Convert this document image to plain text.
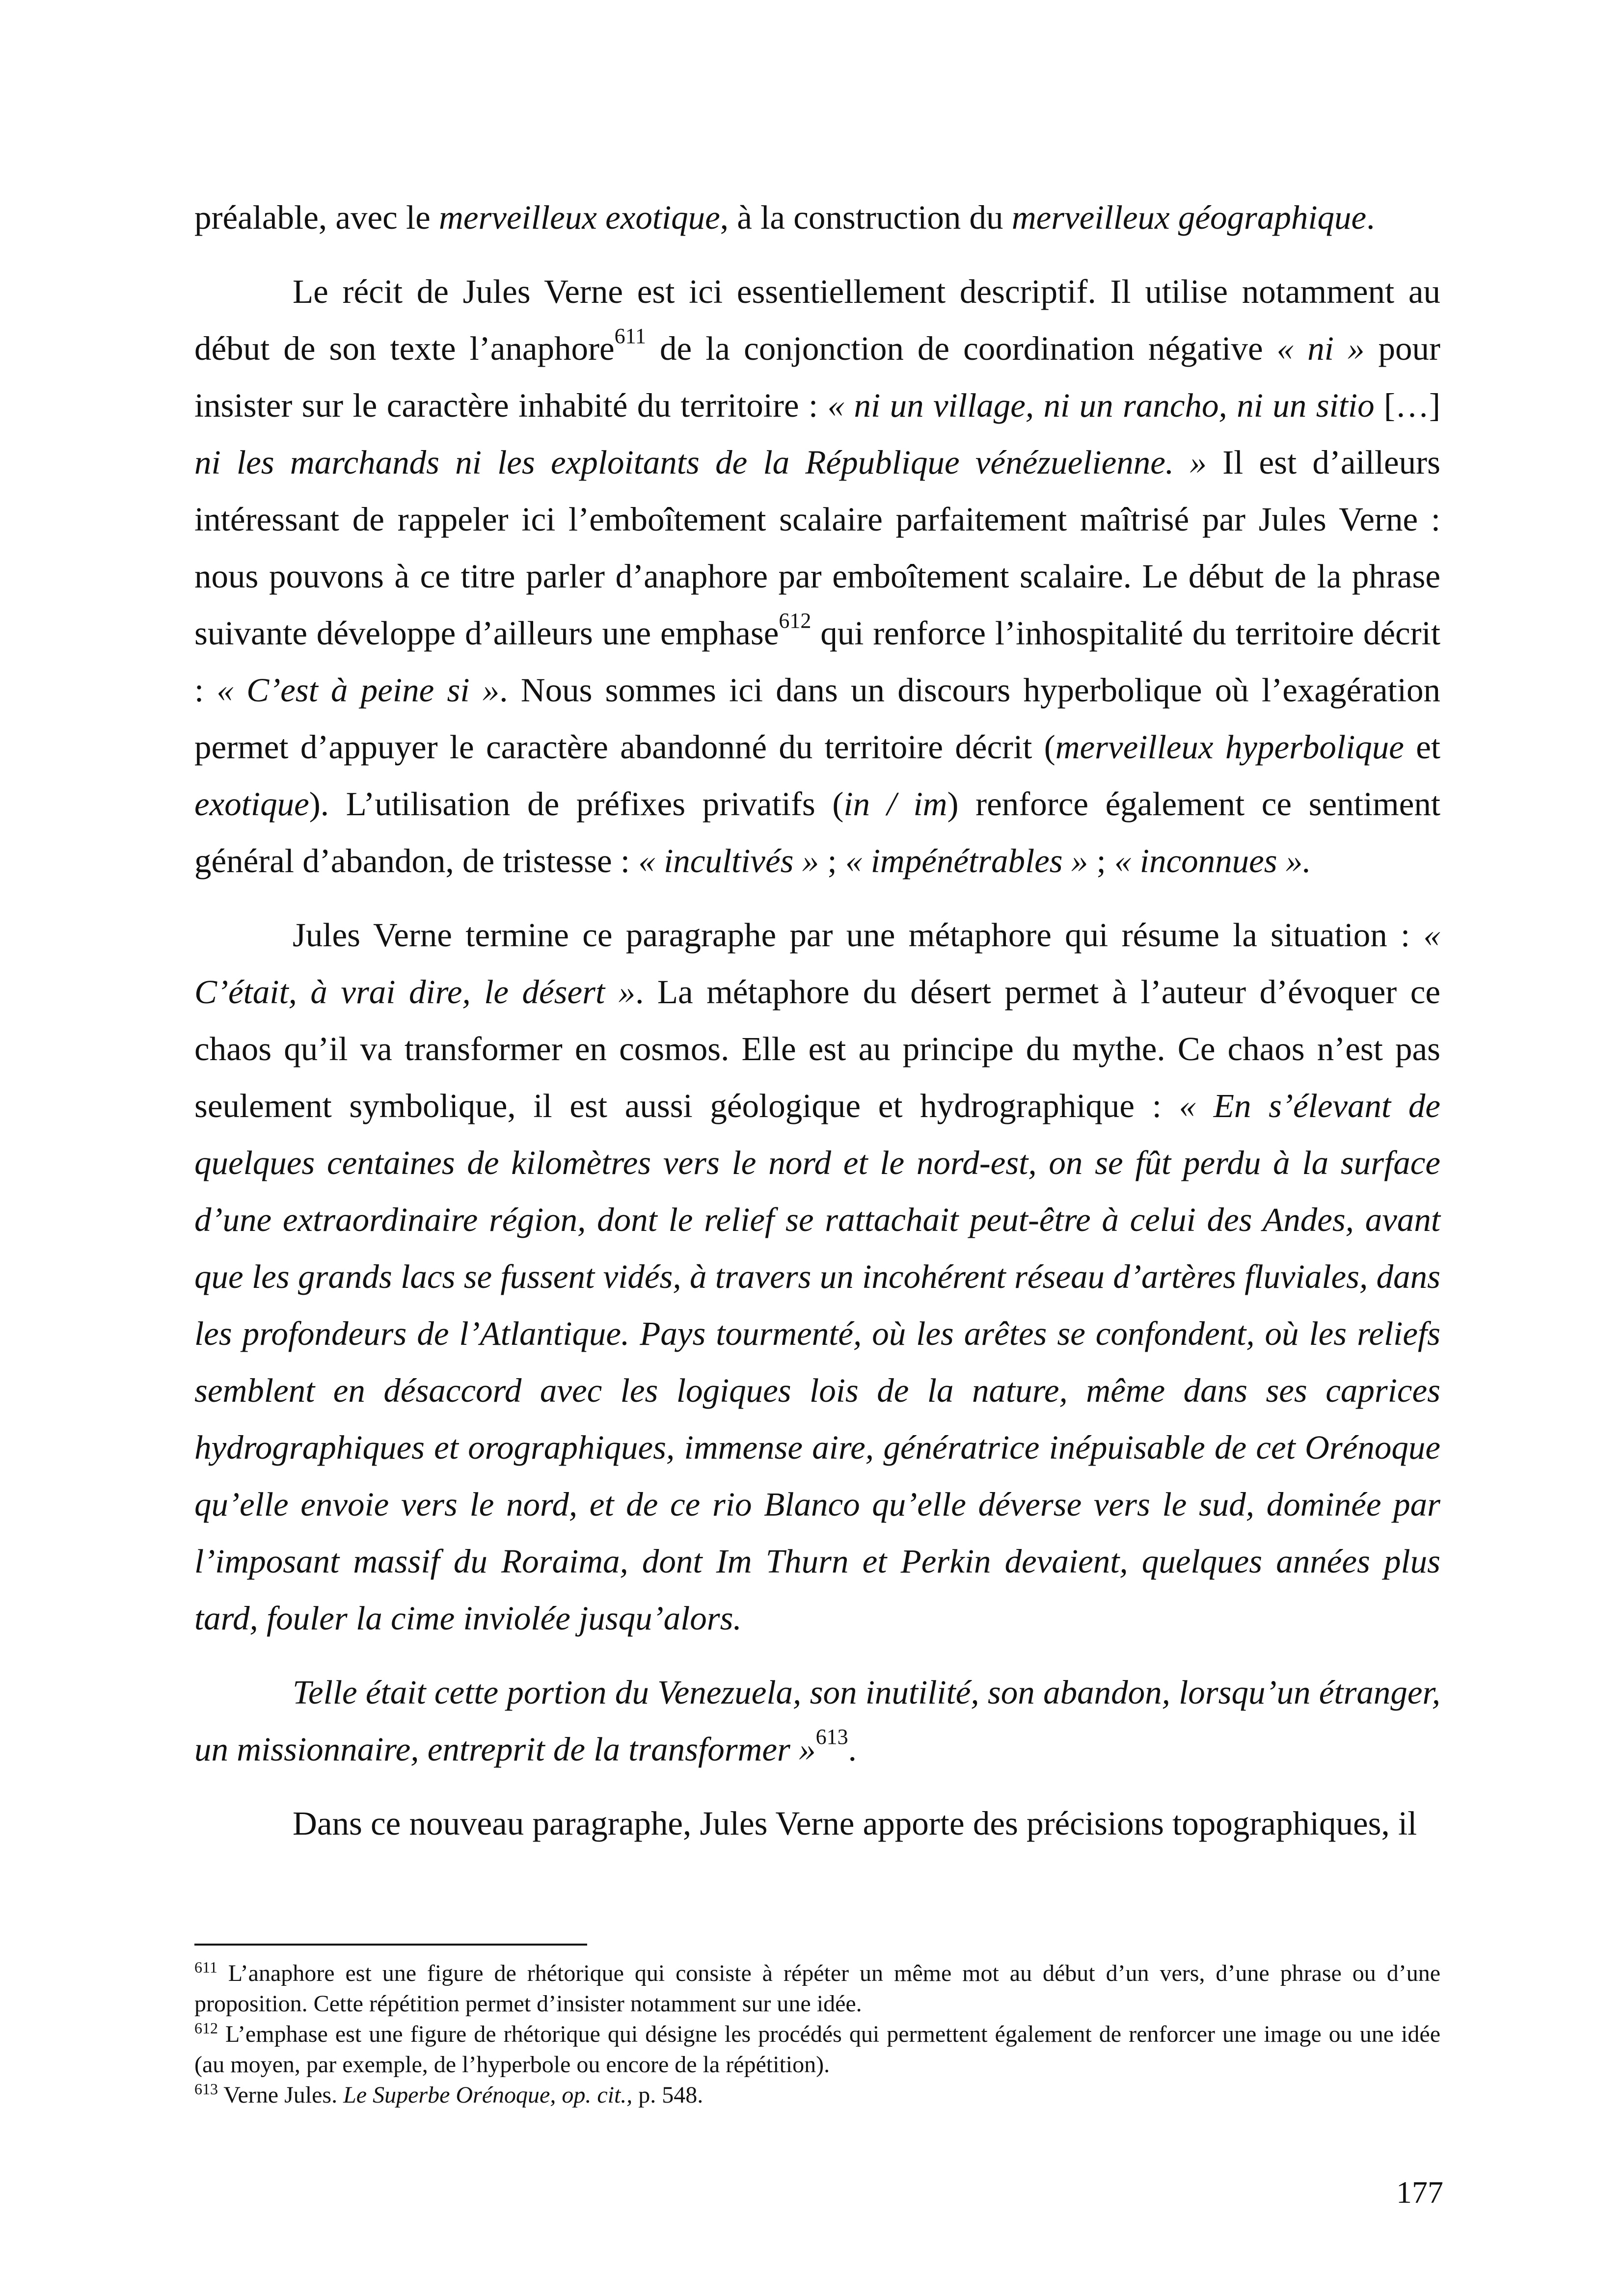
préalable, avec le merveilleux exotique, à la construction du merveilleux géographique.

Le récit de Jules Verne est ici essentiellement descriptif. Il utilise notamment au début de son texte l’anaphore$^{611}$ de la conjonction de coordination négative « ni » pour insister sur le caractère inhabité du territoire : « ni un village, ni un rancho, ni un sitio […] ni les marchands ni les exploitants de la République vénézuelienne. » Il est d’ailleurs intéressant de rappeler ici l’emboîtement scalaire parfaitement maîtrisé par Jules Verne : nous pouvons à ce titre parler d’anaphore par emboîtement scalaire. Le début de la phrase suivante développe d’ailleurs une emphase$^{612}$ qui renforce l’inhospitalité du territoire décrit : « C’est à peine si ». Nous sommes ici dans un discours hyperbolique où l’exagération permet d’appuyer le caractère abandonné du territoire décrit (merveilleux hyperbolique et exotique). L’utilisation de préfixes privatifs (in / im) renforce également ce sentiment général d’abandon, de tristesse : « incultivés » ; « impénétrables » ; « inconnues ».

Jules Verne termine ce paragraphe par une métaphore qui résume la situation : « C’était, à vrai dire, le désert ». La métaphore du désert permet à l’auteur d’évoquer ce chaos qu’il va transformer en cosmos. Elle est au principe du mythe. Ce chaos n’est pas seulement symbolique, il est aussi géologique et hydrographique : « En s’élevant de quelques centaines de kilomètres vers le nord et le nord-est, on se fût perdu à la surface d’une extraordinaire région, dont le relief se rattachait peut-être à celui des Andes, avant que les grands lacs se fussent vidés, à travers un incohérent réseau d’artères fluviales, dans les profondeurs de l’Atlantique. Pays tourmenté, où les arêtes se confondent, où les reliefs semblent en désaccord avec les logiques lois de la nature, même dans ses caprices hydrographiques et orographiques, immense aire, génératrice inépuisable de cet Orénoque qu’elle envoie vers le nord, et de ce rio Blanco qu’elle déverse vers le sud, dominée par l’imposant massif du Roraima, dont Im Thurn et Perkin devaient, quelques années plus tard, fouler la cime inviolée jusqu’alors.

Telle était cette portion du Venezuela, son inutilité, son abandon, lorsqu’un étranger, un missionnaire, entreprit de la transformer »$^{613}$.

Dans ce nouveau paragraphe, Jules Verne apporte des précisions topographiques, il

$^{611}$ L’anaphore est une figure de rhétorique qui consiste à répéter un même mot au début d’un vers, d’une phrase ou d’une proposition. Cette répétition permet d’insister notamment sur une idée.

$^{612}$ L’emphase est une figure de rhétorique qui désigne les procédés qui permettent également de renforcer une image ou une idée (au moyen, par exemple, de l’hyperbole ou encore de la répétition).

$^{613}$ Verne Jules. Le Superbe Orénoque, op. cit., p. 548.

177
